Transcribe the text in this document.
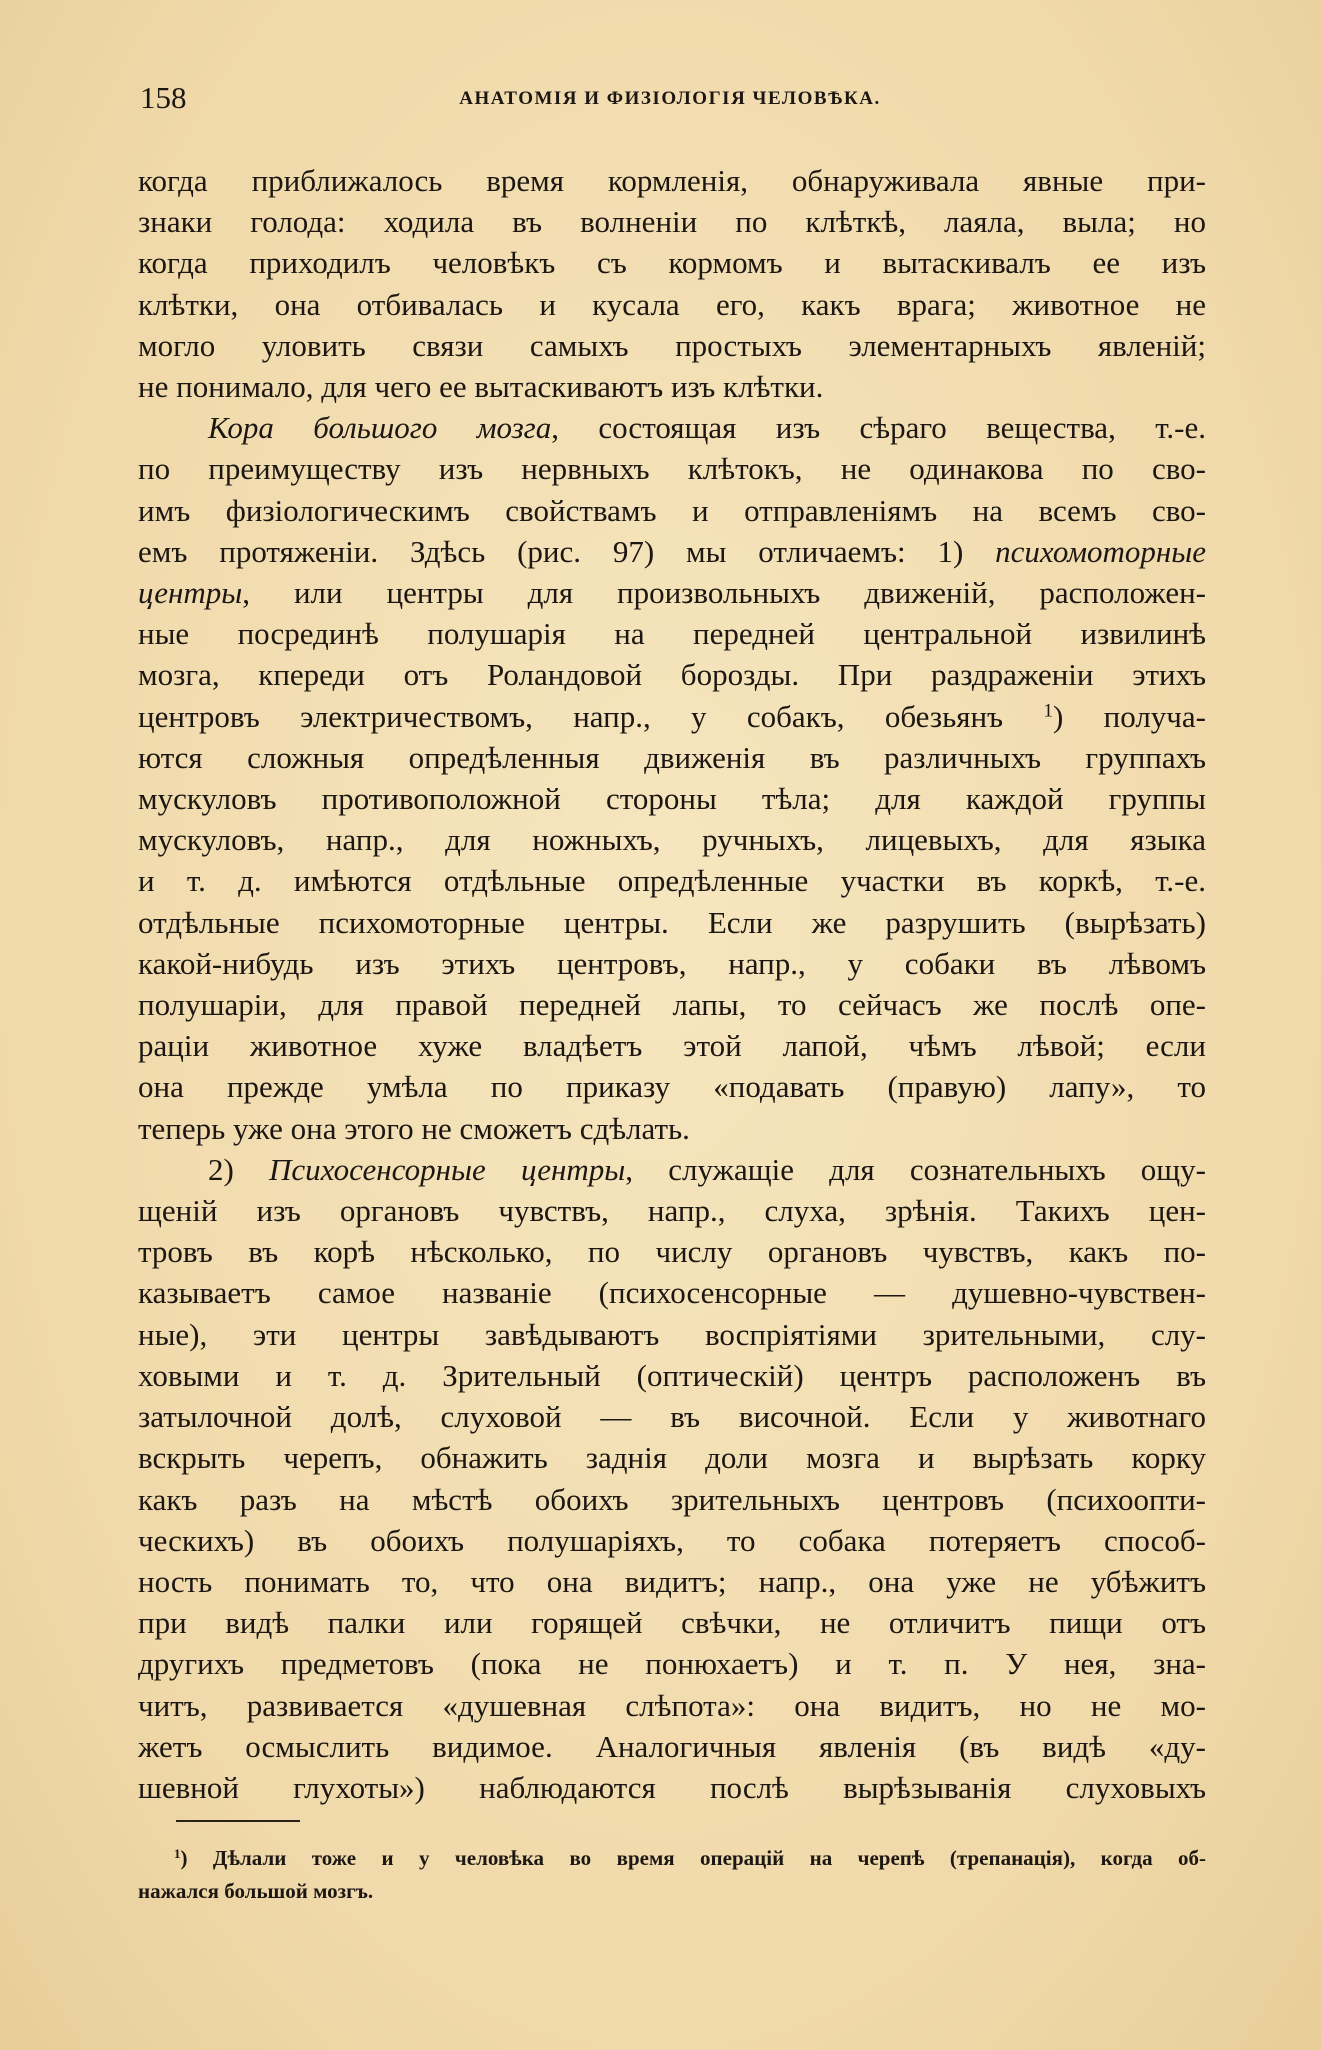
158	АНАТОМІЯ И ФИЗІОЛОГІЯ ЧЕЛОВѢКА.

когда приближалось время кормленія, обнаруживала явные при-
знаки голода: ходила въ волненіи по клѣткѣ, лаяла, выла; но
когда приходилъ человѣкъ съ кормомъ и вытаскивалъ ее изъ
клѣтки, она отбивалась и кусала его, какъ врага; животное не
могло уловить связи самыхъ простыхъ элементарныхъ явленій;
не понимало, для чего ее вытаскиваютъ изъ клѣтки.

Кора большого мозга, состоящая изъ сѣраго вещества, т.-е.
по преимуществу изъ нервныхъ клѣтокъ, не одинакова по сво-
имъ физіологическимъ свойствамъ и отправленіямъ на всемъ сво-
емъ протяженіи. Здѣсь (рис. 97) мы отличаемъ: 1) психомоторные
центры, или центры для произвольныхъ движеній, расположен-
ные посрединѣ полушарія на передней центральной извилинѣ
мозга, кпереди отъ Роландовой борозды. При раздраженіи этихъ
центровъ электричествомъ, напр., у собакъ, обезьянъ $^1$) получа-
ются сложныя опредѣленныя движенія въ различныхъ группахъ
мускуловъ противоположной стороны тѣла; для каждой группы
мускуловъ, напр., для ножныхъ, ручныхъ, лицевыхъ, для языка
и т. д. имѣются отдѣльные опредѣленные участки въ коркѣ, т.-е.
отдѣльные психомоторные центры. Если же разрушить (вырѣзать)
какой-нибудь изъ этихъ центровъ, напр., у собаки въ лѣвомъ
полушаріи, для правой передней лапы, то сейчасъ же послѣ опе-
раціи животное хуже владѣетъ этой лапой, чѣмъ лѣвой; если
она прежде умѣла по приказу «подавать (правую) лапу», то
теперь уже она этого не сможетъ сдѣлать.

2) Психосенсорные центры, служащіе для сознательныхъ ощу-
щеній изъ органовъ чувствъ, напр., слуха, зрѣнія. Такихъ цен-
тровъ въ корѣ нѣсколько, по числу органовъ чувствъ, какъ по-
казываетъ самое названіе (психосенсорные — душевно-чувствен-
ные), эти центры завѣдываютъ воспріятіями зрительными, слу-
ховыми и т. д. Зрительный (оптическій) центръ расположенъ въ
затылочной долѣ, слуховой — въ височной. Если у животнаго
вскрыть черепъ, обнажить заднія доли мозга и вырѣзать корку
какъ разъ на мѣстѣ обоихъ зрительныхъ центровъ (психоопти-
ческихъ) въ обоихъ полушаріяхъ, то собака потеряетъ способ-
ность понимать то, что она видитъ; напр., она уже не убѣжитъ
при видѣ палки или горящей свѣчки, не отличитъ пищи отъ
другихъ предметовъ (пока не понюхаетъ) и т. п. У нея, зна-
читъ, развивается «душевная слѣпота»: она видитъ, но не мо-
жетъ осмыслить видимое. Аналогичныя явленія (въ видѣ «ду-
шевной глухоты») наблюдаются послѣ вырѣзыванія слуховыхъ

$^1$) Дѣлали тоже и у человѣка во время операцій на черепѣ (трепанація), когда об-
нажался большой мозгъ.
